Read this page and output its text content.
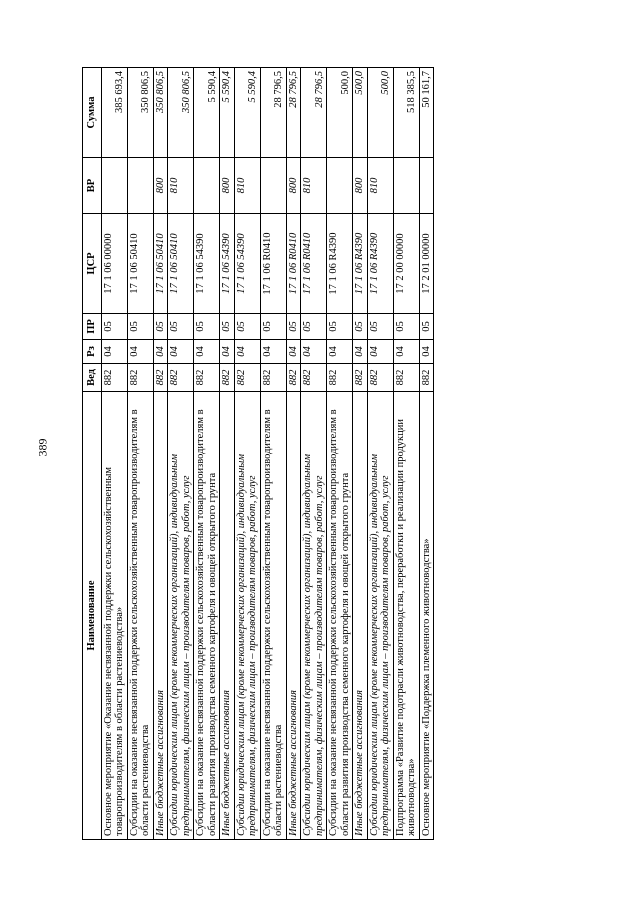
389
Наименование	Вед	Рз	ПР	ЦСР	ВР	Сумма
Основное мероприятие «Оказание несвязанной поддержки сельскохозяйственным товаропроизводителям в области растениеводства»	882	04	05	17 1 06 00000		385 693,4
Субсидии на оказание несвязанной поддержки сельскохозяйственным товаропроизводителям в области растениеводства	882	04	05	17 1 06 50410		350 806,5
Иные бюджетные ассигнования	882	04	05	17 1 06 50410	800	350 806,5
Субсидии юридическим лицам (кроме некоммерческих организаций), индивидуальным предпринимателям, физическим лицам – производителям товаров, работ, услуг	882	04	05	17 1 06 50410	810	350 806,5
Субсидии на оказание несвязанной поддержки сельскохозяйственным товаропроизводителям в области развития производства семенного картофеля и овощей открытого грунта	882	04	05	17 1 06 54390		5 590,4
Иные бюджетные ассигнования	882	04	05	17 1 06 54390	800	5 590,4
Субсидии юридическим лицам (кроме некоммерческих организаций), индивидуальным предпринимателям, физическим лицам – производителям товаров, работ, услуг	882	04	05	17 1 06 54390	810	5 590,4
Субсидии на оказание несвязанной поддержки сельскохозяйственным товаропроизводителям в области растениеводства	882	04	05	17 1 06 R0410		28 796,5
Иные бюджетные ассигнования	882	04	05	17 1 06 R0410	800	28 796,5
Субсидии юридическим лицам (кроме некоммерческих организаций), индивидуальным предпринимателям, физическим лицам – производителям товаров, работ, услуг	882	04	05	17 1 06 R0410	810	28 796,5
Субсидии на оказание несвязанной поддержки сельскохозяйственным товаропроизводителям в области развития производства семенного картофеля и овощей открытого грунта	882	04	05	17 1 06 R4390		500,0
Иные бюджетные ассигнования	882	04	05	17 1 06 R4390	800	500,0
Субсидии юридическим лицам (кроме некоммерческих организаций), индивидуальным предпринимателям, физическим лицам – производителям товаров, работ, услуг	882	04	05	17 1 06 R4390	810	500,0
Подпрограмма «Развитие подотрасли животноводства, переработки и реализации продукции животноводства»	882	04	05	17 2 00 00000		518 385,5
Основное мероприятие «Поддержка племенного животноводства»	882	04	05	17 2 01 00000		50 161,7
